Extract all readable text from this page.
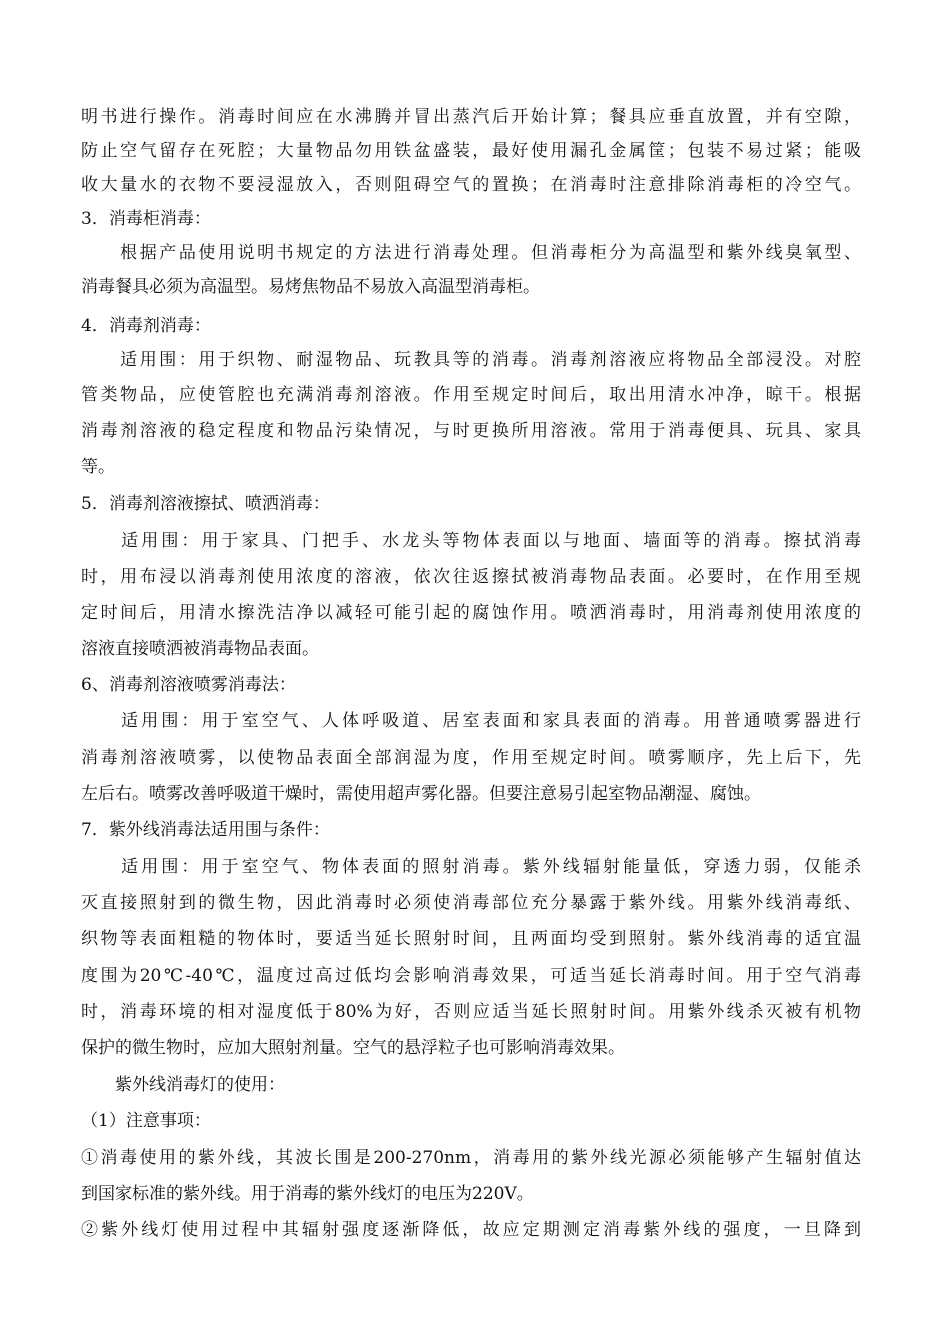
明书进行操作。消毒时间应在水沸腾并冒出蒸汽后开始计算；餐具应垂直放置，并有空隙，
防止空气留存在死腔；大量物品勿用铁盆盛装，最好使用漏孔金属筐；包装不易过紧；能吸
收大量水的衣物不要浸湿放入，否则阻碍空气的置换；在消毒时注意排除消毒柜的冷空气。
3．消毒柜消毒：
　　根据产品使用说明书规定的方法进行消毒处理。但消毒柜分为高温型和紫外线臭氧型、
消毒餐具必须为高温型。易烤焦物品不易放入高温型消毒柜。
4．消毒剂消毒：
　　适用围：用于织物、耐湿物品、玩教具等的消毒。消毒剂溶液应将物品全部浸没。对腔
管类物品，应使管腔也充满消毒剂溶液。作用至规定时间后，取出用清水冲净，晾干。根据
消毒剂溶液的稳定程度和物品污染情况，与时更换所用溶液。常用于消毒便具、玩具、家具
等。
5．消毒剂溶液擦拭、喷洒消毒：
　　适用围：用于家具、门把手、水龙头等物体表面以与地面、墙面等的消毒。擦拭消毒
时，用布浸以消毒剂使用浓度的溶液，依次往返擦拭被消毒物品表面。必要时，在作用至规
定时间后，用清水擦洗洁净以减轻可能引起的腐蚀作用。喷洒消毒时，用消毒剂使用浓度的
溶液直接喷洒被消毒物品表面。
6、消毒剂溶液喷雾消毒法：
　　适用围：用于室空气、人体呼吸道、居室表面和家具表面的消毒。用普通喷雾器进行
消毒剂溶液喷雾，以使物品表面全部润湿为度，作用至规定时间。喷雾顺序，先上后下，先
左后右。喷雾改善呼吸道干燥时，需使用超声雾化器。但要注意易引起室物品潮湿、腐蚀。
7．紫外线消毒法适用围与条件：
　　适用围：用于室空气、物体表面的照射消毒。紫外线辐射能量低，穿透力弱，仅能杀
灭直接照射到的微生物，因此消毒时必须使消毒部位充分暴露于紫外线。用紫外线消毒纸、
织物等表面粗糙的物体时，要适当延长照射时间，且两面均受到照射。紫外线消毒的适宜温
度围为20℃-40℃，温度过高过低均会影响消毒效果，可适当延长消毒时间。用于空气消毒
时，消毒环境的相对湿度低于80%为好，否则应适当延长照射时间。用紫外线杀灭被有机物
保护的微生物时，应加大照射剂量。空气的悬浮粒子也可影响消毒效果。
　　紫外线消毒灯的使用：
（1）注意事项：
①消毒使用的紫外线，其波长围是200-270nm，消毒用的紫外线光源必须能够产生辐射值达
到国家标准的紫外线。用于消毒的紫外线灯的电压为220V。
②紫外线灯使用过程中其辐射强度逐渐降低，故应定期测定消毒紫外线的强度，一旦降到
